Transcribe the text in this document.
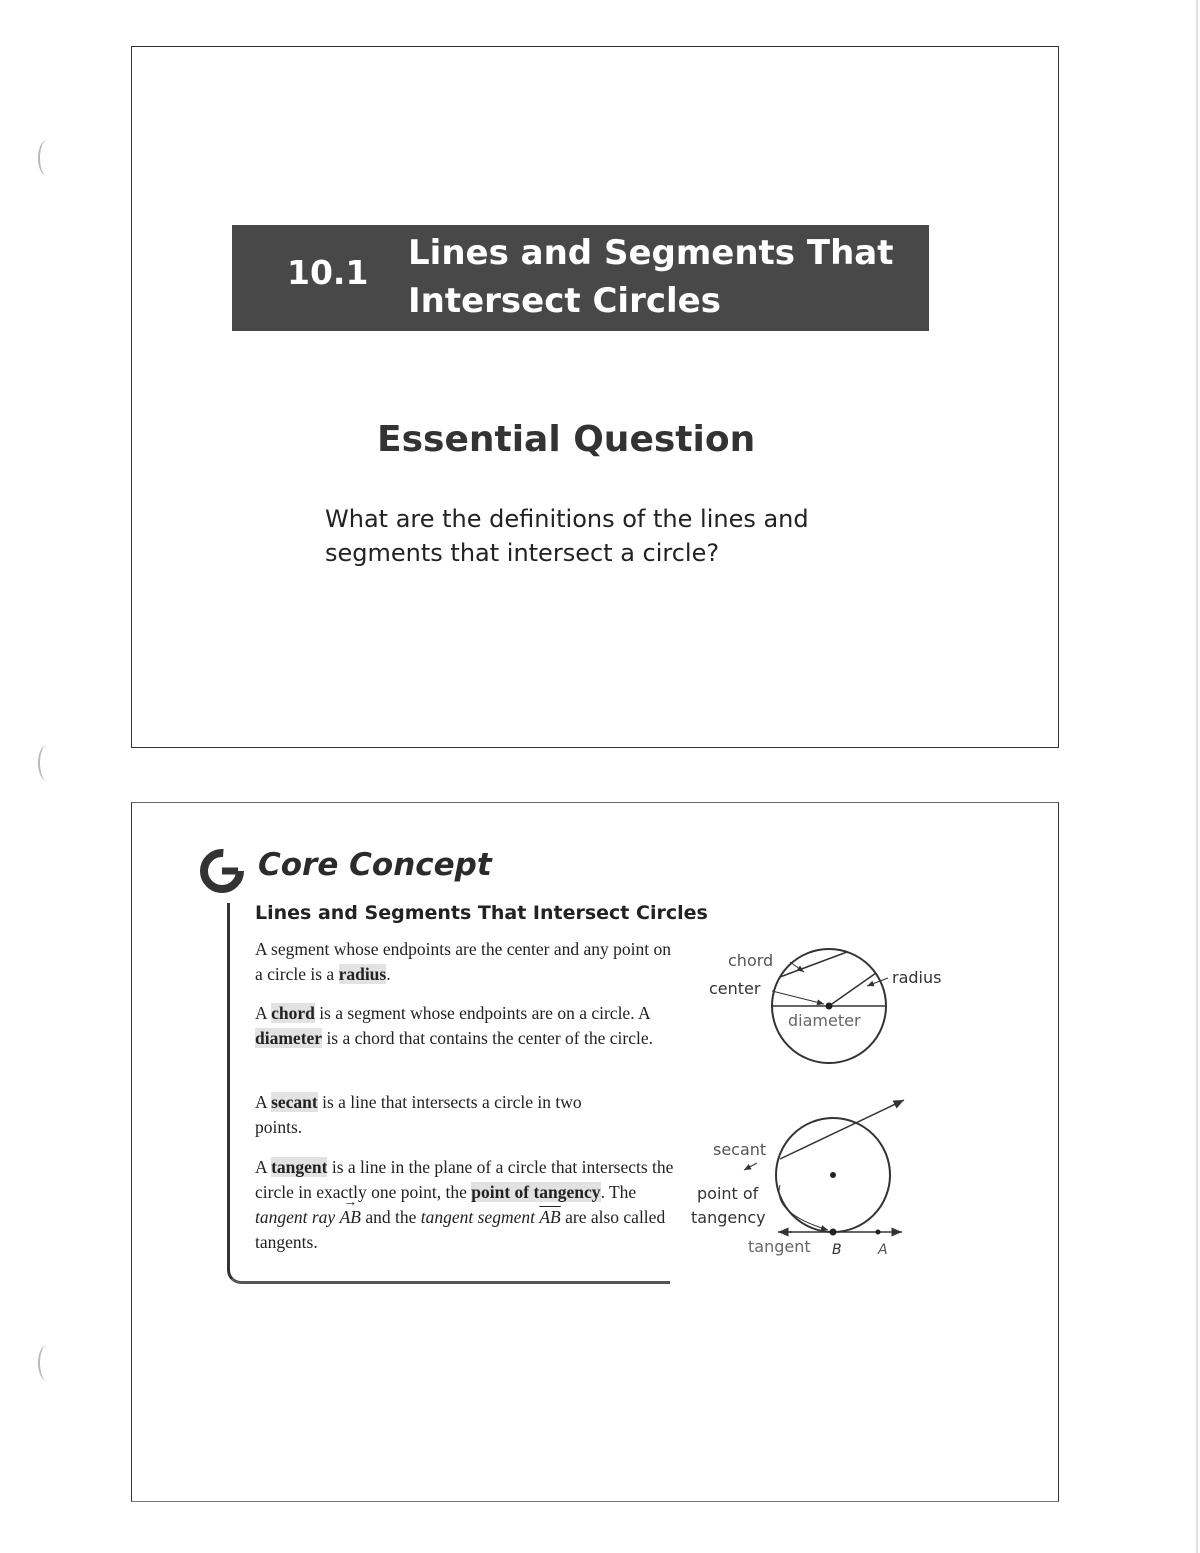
10.1 Lines and Segments That
Intersect Circles
Essential Question
What are the definitions of the lines and
segments that intersect a circle?
Core Concept
Lines and Segments That Intersect Circles
A segment whose endpoints are the center and any point on a circle is a radius.
A chord is a segment whose endpoints are on a circle. A diameter is a chord that contains the center of the circle.
A secant is a line that intersects a circle in two points.
A tangent is a line in the plane of a circle that intersects the circle in exactly one point, the point of tangency. The tangent ray → AB and the tangent segment $\overline{AB}$ are also called tangents.
chord
center
radius
diameter
secant
point of
tangency
tangent B	A
